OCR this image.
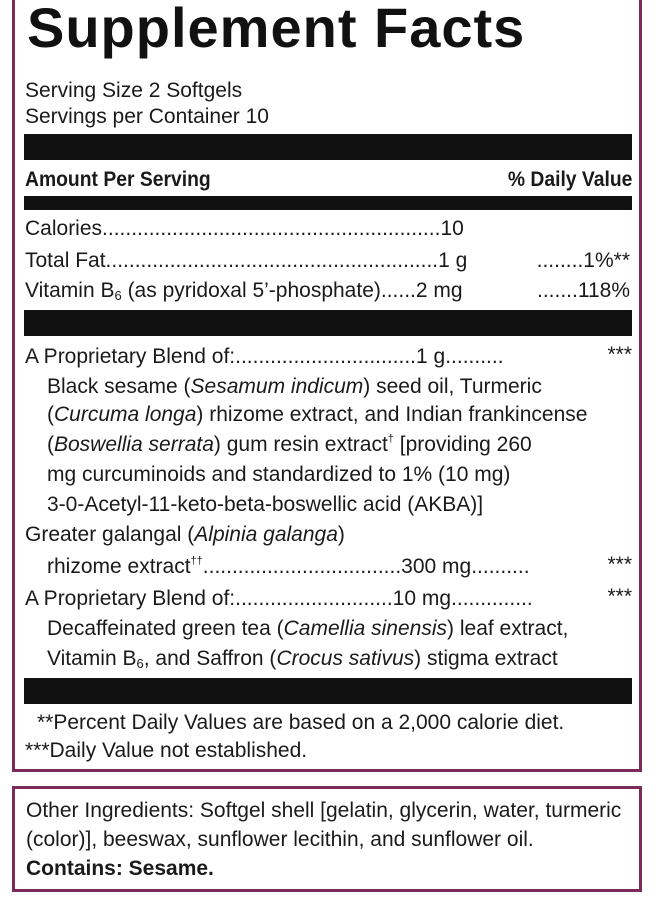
Supplement Facts
Serving Size 2 Softgels
Servings per Container 10
Amount Per Serving	% Daily Value
Calories..........................................................10
Total Fat.........................................................1 g	........1%**
Vitamin $B_6$ (as pyridoxal 5’-phosphate)......2 mg	.......118%
A Proprietary Blend of:...............................1 g..........	***
Black sesame (Sesamum indicum) seed oil, Turmeric
(Curcuma longa) rhizome extract, and Indian frankincense
(Boswellia serrata) gum resin extract† [providing 260
mg curcuminoids and standardized to 1% (10 mg)
3-0-Acetyl-11-keto-beta-boswellic acid (AKBA)]
Greater galangal (Alpinia galanga)
rhizome extract††..................................300 mg..........	***
A Proprietary Blend of:...........................10 mg..............	***
Decaffeinated green tea (Camellia sinensis) leaf extract,
Vitamin $B_6$, and Saffron (Crocus sativus) stigma extract
**Percent Daily Values are based on a 2,000 calorie diet.
***Daily Value not established.
Other Ingredients: Softgel shell [gelatin, glycerin, water, turmeric (color)], beeswax, sunflower lecithin, and sunflower oil. Contains: Sesame.
